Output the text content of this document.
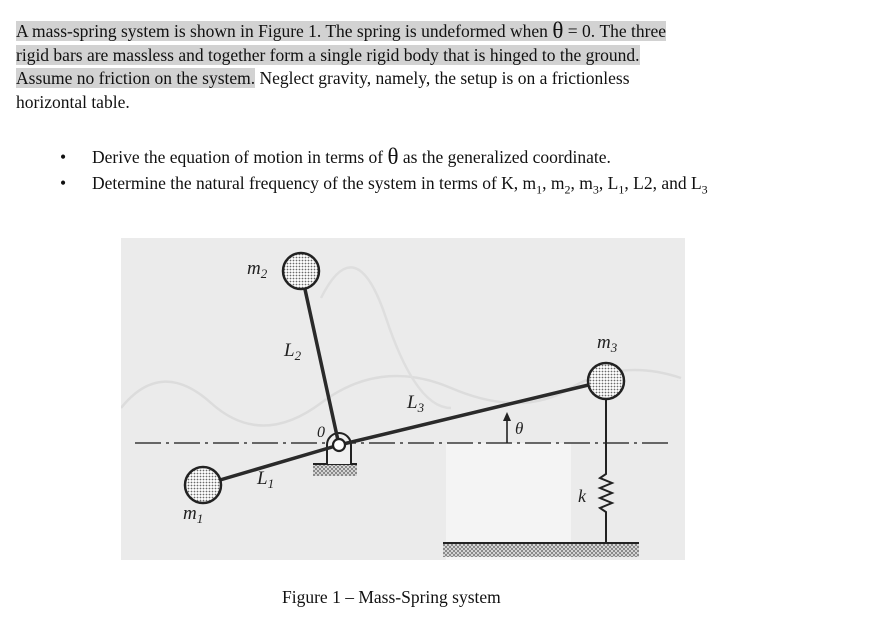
A mass-spring system is shown in Figure 1. The spring is undeformed when θ = 0. The three
rigid bars are massless and together form a single rigid body that is hinged to the ground.
Assume no friction on the system. Neglect gravity, namely, the setup is on a frictionless
horizontal table.
• Derive the equation of motion in terms of θ as the generalized coordinate.
• Determine the natural frequency of the system in terms of K, $m_1$, $m_2$, $m_3$, $L_1$, L2, and $L_3$
$m_2$
$L_2$
$L_3$
$m_3$
$L_1$
$m_1$
0	θ
k
Figure 1 – Mass-Spring system
